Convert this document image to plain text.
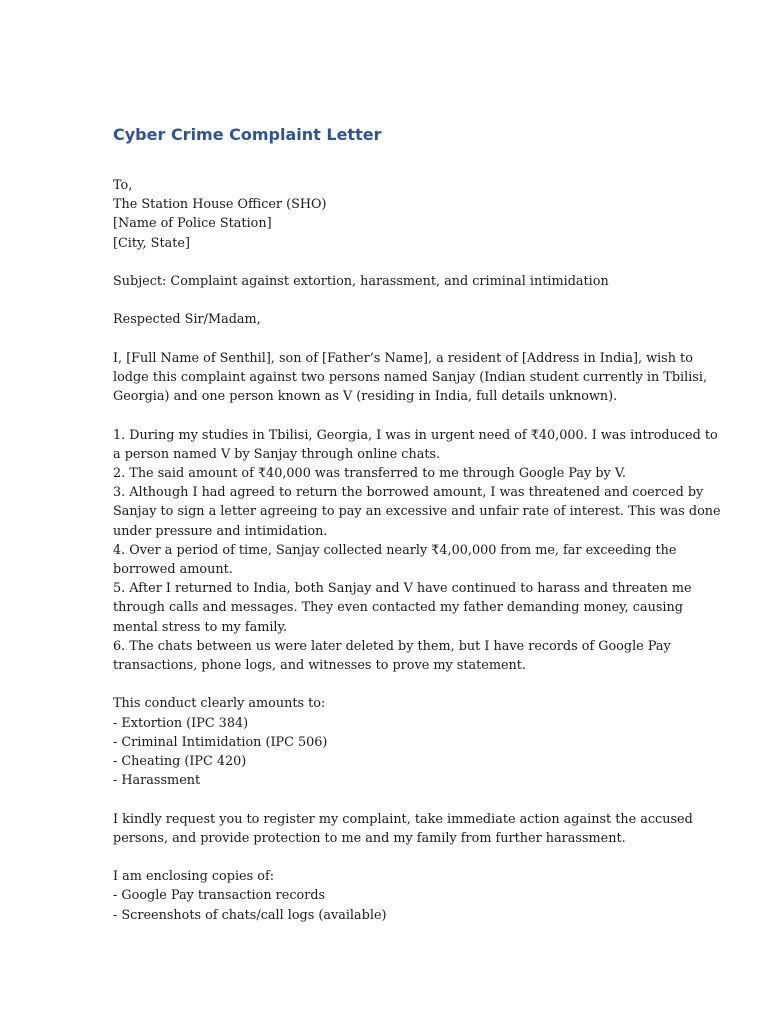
Cyber Crime Complaint Letter
To,
The Station House Officer (SHO)
[Name of Police Station]
[City, State]
Subject: Complaint against extortion, harassment, and criminal intimidation
Respected Sir/Madam,
I, [Full Name of Senthil], son of [Father’s Name], a resident of [Address in India], wish to
lodge this complaint against two persons named Sanjay (Indian student currently in Tbilisi,
Georgia) and one person known as V (residing in India, full details unknown).
1. During my studies in Tbilisi, Georgia, I was in urgent need of ₹40,000. I was introduced to
a person named V by Sanjay through online chats.
2. The said amount of ₹40,000 was transferred to me through Google Pay by V.
3. Although I had agreed to return the borrowed amount, I was threatened and coerced by
Sanjay to sign a letter agreeing to pay an excessive and unfair rate of interest. This was done
under pressure and intimidation.
4. Over a period of time, Sanjay collected nearly ₹4,00,000 from me, far exceeding the
borrowed amount.
5. After I returned to India, both Sanjay and V have continued to harass and threaten me
through calls and messages. They even contacted my father demanding money, causing
mental stress to my family.
6. The chats between us were later deleted by them, but I have records of Google Pay
transactions, phone logs, and witnesses to prove my statement.
This conduct clearly amounts to:
- Extortion (IPC 384)
- Criminal Intimidation (IPC 506)
- Cheating (IPC 420)
- Harassment
I kindly request you to register my complaint, take immediate action against the accused
persons, and provide protection to me and my family from further harassment.
I am enclosing copies of:
- Google Pay transaction records
- Screenshots of chats/call logs (available)
